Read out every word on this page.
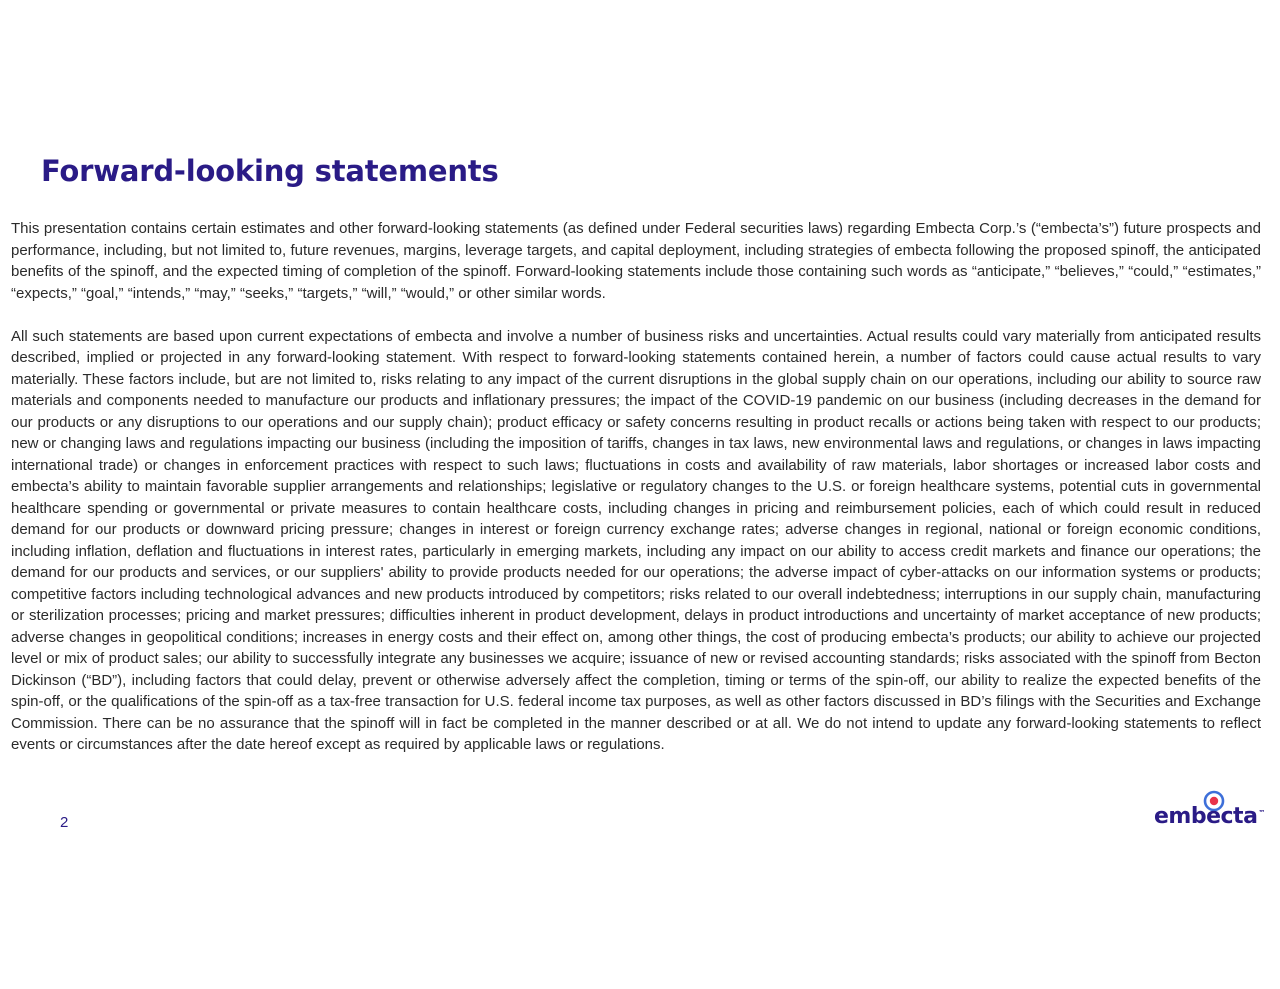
Forward-looking statements

This presentation contains certain estimates and other forward-looking statements (as defined under Federal securities laws) regarding Embecta Corp.’s (“embecta’s”) future prospects and performance, including, but not limited to, future revenues, margins, leverage targets, and capital deployment, including strategies of embecta following the proposed spinoff, the anticipated benefits of the spinoff, and the expected timing of completion of the spinoff. Forward-looking statements include those containing such words as “anticipate,” “believes,” “could,” “estimates,” “expects,” “goal,” “intends,” “may,” “seeks,” “targets,” “will,” “would,” or other similar words.

All such statements are based upon current expectations of embecta and involve a number of business risks and uncertainties. Actual results could vary materially from anticipated results described, implied or projected in any forward-looking statement. With respect to forward-looking statements contained herein, a number of factors could cause actual results to vary materially. These factors include, but are not limited to, risks relating to any impact of the current disruptions in the global supply chain on our operations, including our ability to source raw materials and components needed to manufacture our products and inflationary pressures; the impact of the COVID-19 pandemic on our business (including decreases in the demand for our products or any disruptions to our operations and our supply chain); product efficacy or safety concerns resulting in product recalls or actions being taken with respect to our products; new or changing laws and regulations impacting our business (including the imposition of tariffs, changes in tax laws, new environmental laws and regulations, or changes in laws impacting international trade) or changes in enforcement practices with respect to such laws; fluctuations in costs and availability of raw materials, labor shortages or increased labor costs and embecta’s ability to maintain favorable supplier arrangements and relationships; legislative or regulatory changes to the U.S. or foreign healthcare systems, potential cuts in governmental healthcare spending or governmental or private measures to contain healthcare costs, including changes in pricing and reimbursement policies, each of which could result in reduced demand for our products or downward pricing pressure; changes in interest or foreign currency exchange rates; adverse changes in regional, national or foreign economic conditions, including inflation, deflation and fluctuations in interest rates, particularly in emerging markets, including any impact on our ability to access credit markets and finance our operations; the demand for our products and services, or our suppliers' ability to provide products needed for our operations; the adverse impact of cyber-attacks on our information systems or products; competitive factors including technological advances and new products introduced by competitors; risks related to our overall indebtedness; interruptions in our supply chain, manufacturing or sterilization processes; pricing and market pressures; difficulties inherent in product development, delays in product introductions and uncertainty of market acceptance of new products; adverse changes in geopolitical conditions; increases in energy costs and their effect on, among other things, the cost of producing embecta’s products; our ability to achieve our projected level or mix of product sales; our ability to successfully integrate any businesses we acquire; issuance of new or revised accounting standards; risks associated with the spinoff from Becton Dickinson (“BD”), including factors that could delay, prevent or otherwise adversely affect the completion, timing or terms of the spin-off, our ability to realize the expected benefits of the spin-off, or the qualifications of the spin-off as a tax-free transaction for U.S. federal income tax purposes, as well as other factors discussed in BD’s filings with the Securities and Exchange Commission. There can be no assurance that the spinoff will in fact be completed in the manner described or at all. We do not intend to update any forward-looking statements to reflect events or circumstances after the date hereof except as required by applicable laws or regulations.

2	embecta™
